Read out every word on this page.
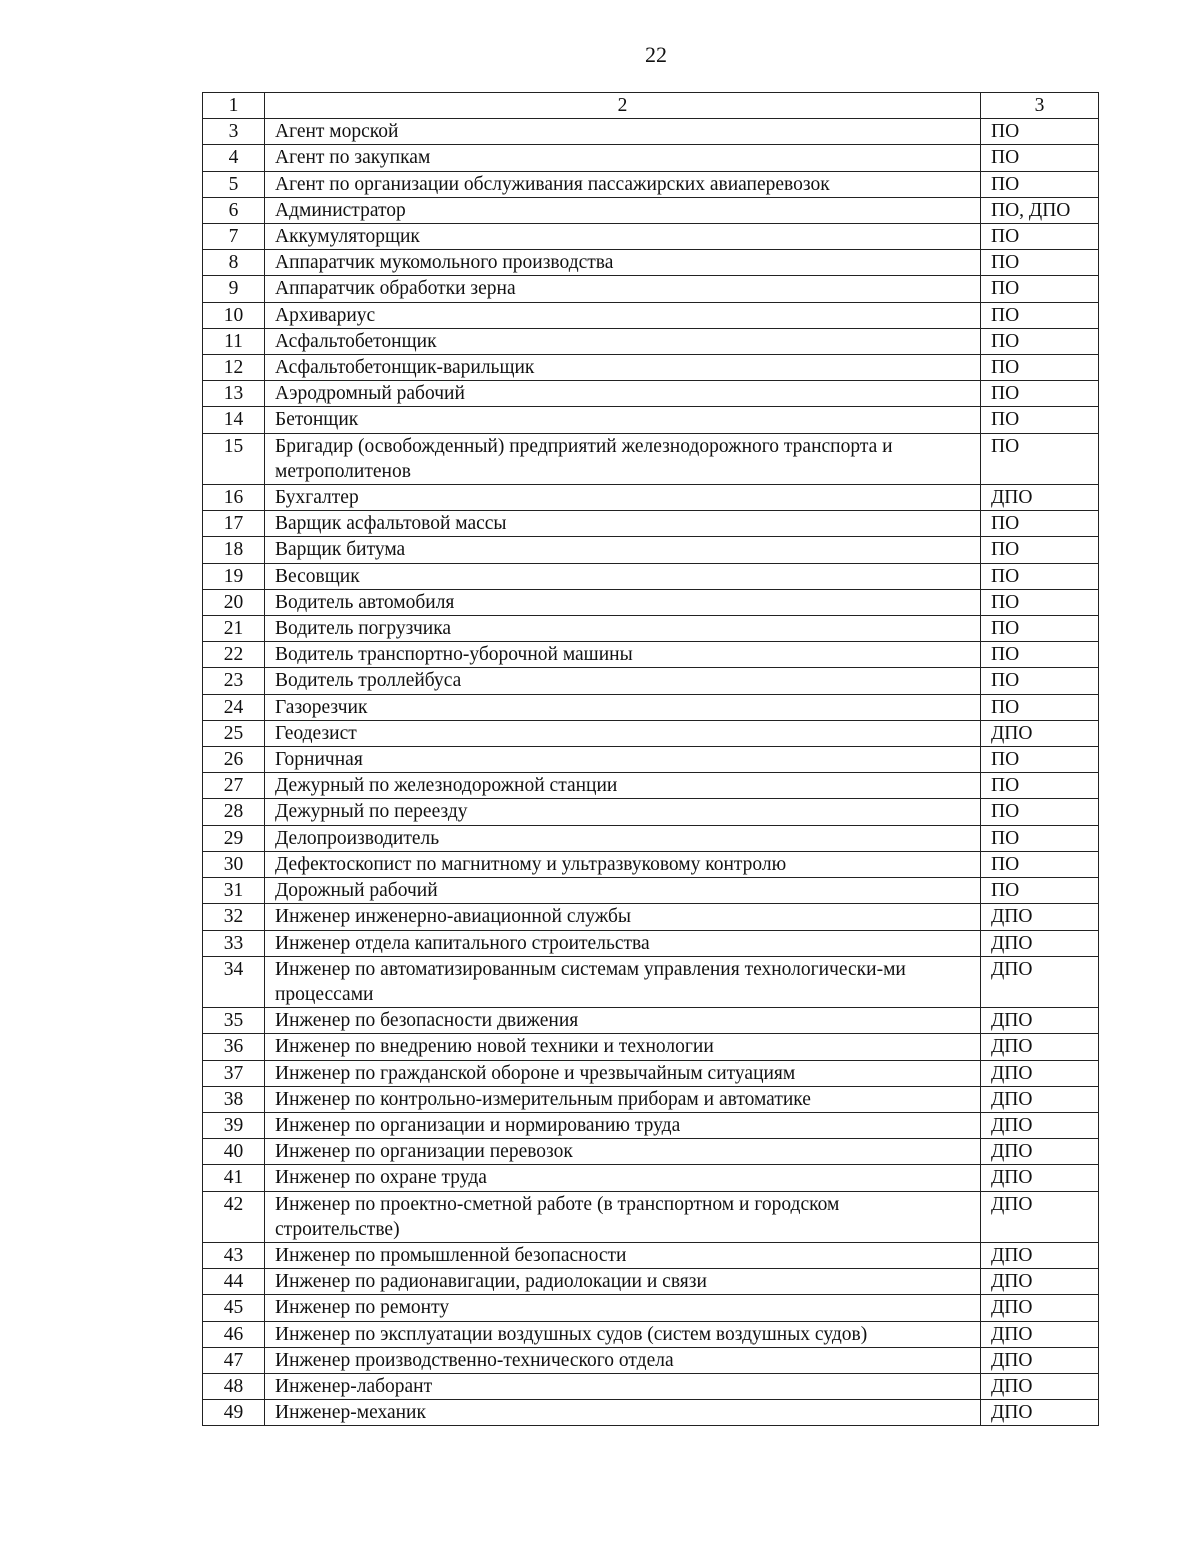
22
1	2	3
3	Агент морской	ПО
4	Агент по закупкам	ПО
5	Агент по организации обслуживания пассажирских авиаперевозок	ПО
6	Администратор	ПО, ДПО
7	Аккумуляторщик	ПО
8	Аппаратчик мукомольного производства	ПО
9	Аппаратчик обработки зерна	ПО
10	Архивариус	ПО
11	Асфальтобетонщик	ПО
12	Асфальтобетонщик-варильщик	ПО
13	Аэродромный рабочий	ПО
14	Бетонщик	ПО
15	Бригадир (освобожденный) предприятий железнодорожного транспорта и метрополитенов	ПО
16	Бухгалтер	ДПО
17	Варщик асфальтовой массы	ПО
18	Варщик битума	ПО
19	Весовщик	ПО
20	Водитель автомобиля	ПО
21	Водитель погрузчика	ПО
22	Водитель транспортно-уборочной машины	ПО
23	Водитель троллейбуса	ПО
24	Газорезчик	ПО
25	Геодезист	ДПО
26	Горничная	ПО
27	Дежурный по железнодорожной станции	ПО
28	Дежурный по переезду	ПО
29	Делопроизводитель	ПО
30	Дефектоскопист по магнитному и ультразвуковому контролю	ПО
31	Дорожный рабочий	ПО
32	Инженер инженерно-авиационной службы	ДПО
33	Инженер отдела капитального строительства	ДПО
34	Инженер по автоматизированным системам управления технологически-ми процессами	ДПО
35	Инженер по безопасности движения	ДПО
36	Инженер по внедрению новой техники и технологии	ДПО
37	Инженер по гражданской обороне и чрезвычайным ситуациям	ДПО
38	Инженер по контрольно-измерительным приборам и автоматике	ДПО
39	Инженер по организации и нормированию труда	ДПО
40	Инженер по организации перевозок	ДПО
41	Инженер по охране труда	ДПО
42	Инженер по проектно-сметной работе (в транспортном и городском строительстве)	ДПО
43	Инженер по промышленной безопасности	ДПО
44	Инженер по радионавигации, радиолокации и связи	ДПО
45	Инженер по ремонту	ДПО
46	Инженер по эксплуатации воздушных судов (систем воздушных судов)	ДПО
47	Инженер производственно-технического отдела	ДПО
48	Инженер-лаборант	ДПО
49	Инженер-механик	ДПО
